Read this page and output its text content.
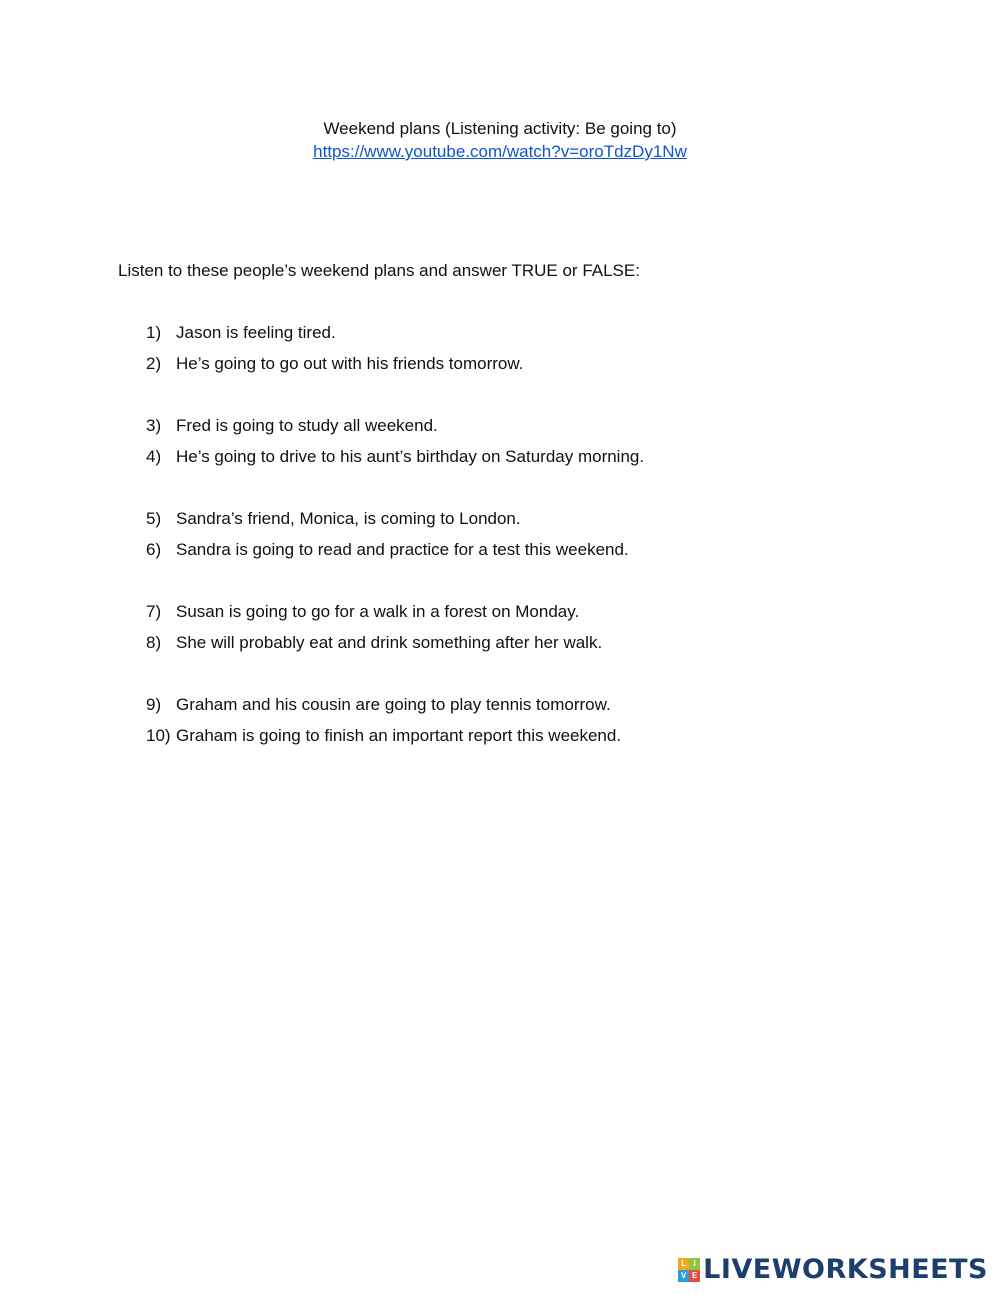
Weekend plans (Listening activity: Be going to)
https://www.youtube.com/watch?v=oroTdzDy1Nw
Listen to these people’s weekend plans and answer TRUE or FALSE:
1) Jason is feeling tired.
2) He’s going to go out with his friends tomorrow.
3) Fred is going to study all weekend.
4) He’s going to drive to his aunt’s birthday on Saturday morning.
5) Sandra’s friend, Monica, is coming to London.
6) Sandra is going to read and practice for a test this weekend.
7) Susan is going to go for a walk in a forest on Monday.
8) She will probably eat and drink something after her walk.
9) Graham and his cousin are going to play tennis tomorrow.
10) Graham is going to finish an important report this weekend.
L I
V E LIVEWORKSHEETS
